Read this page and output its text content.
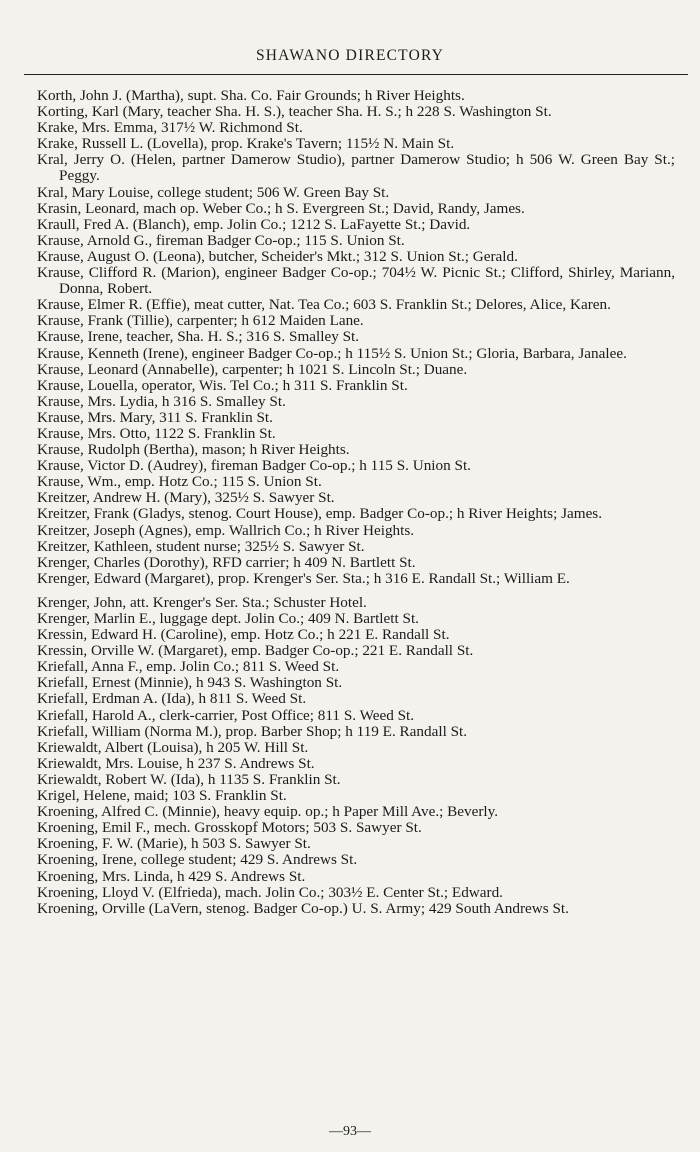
SHAWANO DIRECTORY

Korth, John J. (Martha), supt. Sha. Co. Fair Grounds; h River Heights.

Korting, Karl (Mary, teacher Sha. H. S.), teacher Sha. H. S.; h 228 S. Washington St.

Krake, Mrs. Emma, 317½ W. Richmond St.

Krake, Russell L. (Lovella), prop. Krake's Tavern; 115½ N. Main St.

Kral, Jerry O. (Helen, partner Damerow Studio), partner Damerow Studio; h 506 W. Green Bay St.; Peggy.

Kral, Mary Louise, college student; 506 W. Green Bay St.

Krasin, Leonard, mach op. Weber Co.; h S. Evergreen St.; David, Randy, James.

Kraull, Fred A. (Blanch), emp. Jolin Co.; 1212 S. LaFayette St.; David.

Krause, Arnold G., fireman Badger Co-op.; 115 S. Union St.

Krause, August O. (Leona), butcher, Scheider's Mkt.; 312 S. Union St.; Gerald.

Krause, Clifford R. (Marion), engineer Badger Co-op.; 704½ W. Picnic St.; Clifford, Shirley, Mariann, Donna, Robert.

Krause, Elmer R. (Effie), meat cutter, Nat. Tea Co.; 603 S. Franklin St.; Delores, Alice, Karen.

Krause, Frank (Tillie), carpenter; h 612 Maiden Lane.

Krause, Irene, teacher, Sha. H. S.; 316 S. Smalley St.

Krause, Kenneth (Irene), engineer Badger Co-op.; h 115½ S. Union St.; Gloria, Barbara, Janalee.

Krause, Leonard (Annabelle), carpenter; h 1021 S. Lincoln St.; Duane.

Krause, Louella, operator, Wis. Tel Co.; h 311 S. Franklin St.

Krause, Mrs. Lydia, h 316 S. Smalley St.

Krause, Mrs. Mary, 311 S. Franklin St.

Krause, Mrs. Otto, 1122 S. Franklin St.

Krause, Rudolph (Bertha), mason; h River Heights.

Krause, Victor D. (Audrey), fireman Badger Co-op.; h 115 S. Union St.

Krause, Wm., emp. Hotz Co.; 115 S. Union St.

Kreitzer, Andrew H. (Mary), 325½ S. Sawyer St.

Kreitzer, Frank (Gladys, stenog. Court House), emp. Badger Co-op.; h River Heights; James.

Kreitzer, Joseph (Agnes), emp. Wallrich Co.; h River Heights.

Kreitzer, Kathleen, student nurse; 325½ S. Sawyer St.

Krenger, Charles (Dorothy), RFD carrier; h 409 N. Bartlett St.

Krenger, Edward (Margaret), prop. Krenger's Ser. Sta.; h 316 E. Randall St.; William E.

Krenger, John, att. Krenger's Ser. Sta.; Schuster Hotel.

Krenger, Marlin E., luggage dept. Jolin Co.; 409 N. Bartlett St.

Kressin, Edward H. (Caroline), emp. Hotz Co.; h 221 E. Randall St.

Kressin, Orville W. (Margaret), emp. Badger Co-op.; 221 E. Randall St.

Kriefall, Anna F., emp. Jolin Co.; 811 S. Weed St.

Kriefall, Ernest (Minnie), h 943 S. Washington St.

Kriefall, Erdman A. (Ida), h 811 S. Weed St.

Kriefall, Harold A., clerk-carrier, Post Office; 811 S. Weed St.

Kriefall, William (Norma M.), prop. Barber Shop; h 119 E. Randall St.

Kriewaldt, Albert (Louisa), h 205 W. Hill St.

Kriewaldt, Mrs. Louise, h 237 S. Andrews St.

Kriewaldt, Robert W. (Ida), h 1135 S. Franklin St.

Krigel, Helene, maid; 103 S. Franklin St.

Kroening, Alfred C. (Minnie), heavy equip. op.; h Paper Mill Ave.; Beverly.

Kroening, Emil F., mech. Grosskopf Motors; 503 S. Sawyer St.

Kroening, F. W. (Marie), h 503 S. Sawyer St.

Kroening, Irene, college student; 429 S. Andrews St.

Kroening, Mrs. Linda, h 429 S. Andrews St.

Kroening, Lloyd V. (Elfrieda), mach. Jolin Co.; 303½ E. Center St.; Edward.

Kroening, Orville (LaVern, stenog. Badger Co-op.) U. S. Army; 429 South Andrews St.

—93—
